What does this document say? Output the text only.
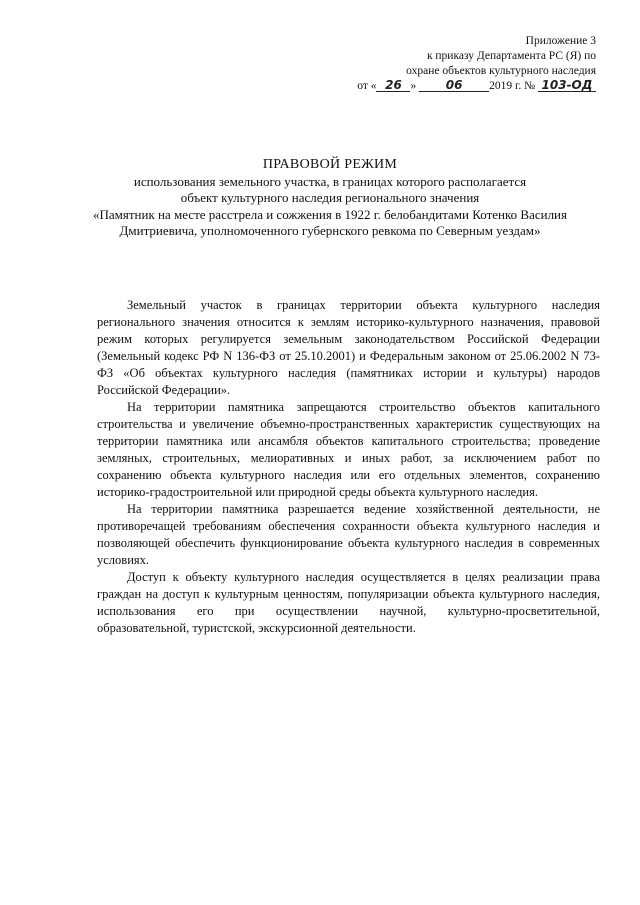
Приложение 3
к приказу Департамента РС (Я) по
охране объектов культурного наследия
от « 26 » 06 2019 г. № 103-ОД
ПРАВОВОЙ РЕЖИМ
использования земельного участка, в границах которого располагается
объект культурного наследия регионального значения
«Памятник на месте расстрела и сожжения в 1922 г. белобандитами Котенко Василия
Дмитриевича, уполномоченного губернского ревкома по Северным уездам»

Земельный участок в границах территории объекта культурного наследия регионального значения относится к землям историко-культурного назначения, правовой режим которых регулируется земельным законодательством Российской Федерации (Земельный кодекс РФ N 136-ФЗ от 25.10.2001) и Федеральным законом от 25.06.2002 N 73-ФЗ «Об объектах культурного наследия (памятниках истории и культуры) народов Российской Федерации».

На территории памятника запрещаются строительство объектов капитального строительства и увеличение объемно-пространственных характеристик существующих на территории памятника или ансамбля объектов капитального строительства; проведение земляных, строительных, мелиоративных и иных работ, за исключением работ по сохранению объекта культурного наследия или его отдельных элементов, сохранению историко-градостроительной или природной среды объекта культурного наследия.

На территории памятника разрешается ведение хозяйственной деятельности, не противоречащей требованиям обеспечения сохранности объекта культурного наследия и позволяющей обеспечить функционирование объекта культурного наследия в современных условиях.

Доступ к объекту культурного наследия осуществляется в целях реализации права граждан на доступ к культурным ценностям, популяризации объекта культурного наследия, использования его при осуществлении научной, культурно-просветительной, образовательной, туристской, экскурсионной деятельности.
